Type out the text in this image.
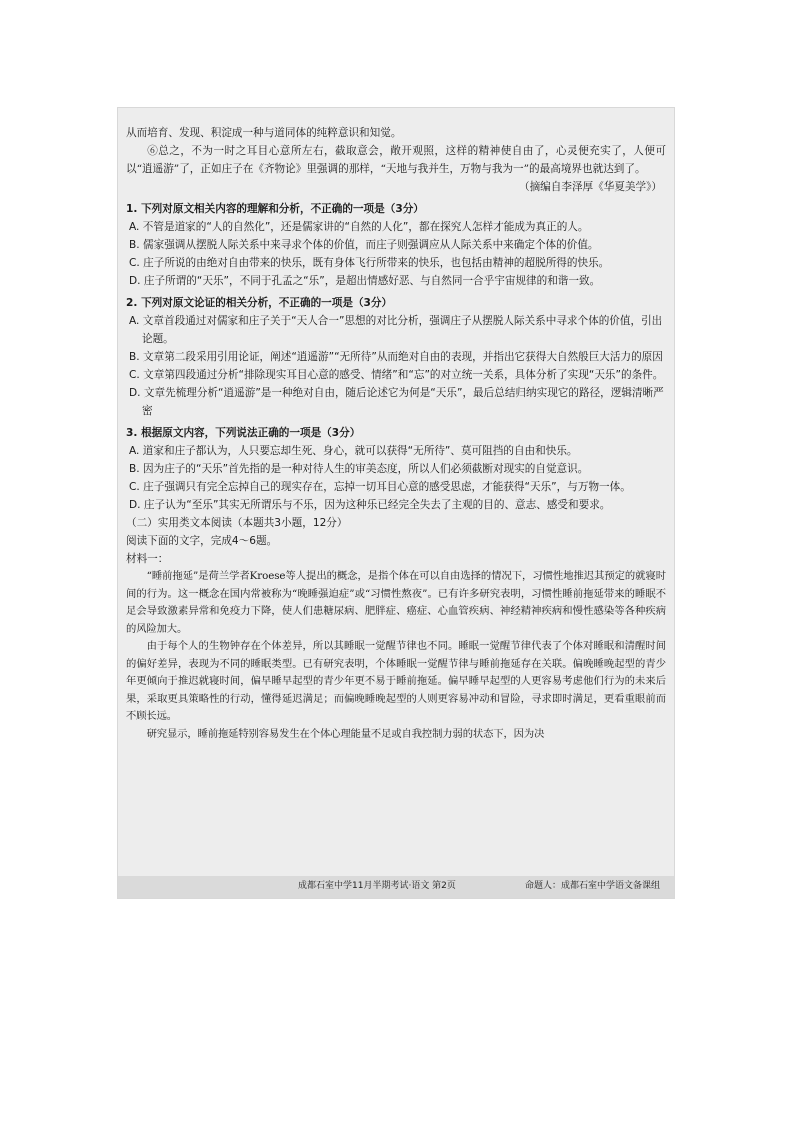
从而培育、发现、积淀成一种与道同体的纯粹意识和知觉。

⑥总之，不为一时之耳目心意所左右，截取意会，敞开观照，这样的精神使自由了，心灵便充实了，人便可以“逍遥游”了，正如庄子在《齐物论》里强调的那样，“天地与我并生，万物与我为一”的最高境界也就达到了。

（摘编自李泽厚《华夏美学》）

1. 下列对原文相关内容的理解和分析，不正确的一项是（3分）

A. 不管是道家的“人的自然化”，还是儒家讲的“自然的人化”，都在探究人怎样才能成为真正的人。

B. 儒家强调从摆脱人际关系中来寻求个体的价值，而庄子则强调应从人际关系中来确定个体的价值。

C. 庄子所说的由绝对自由带来的快乐，既有身体飞行所带来的快乐，也包括由精神的超脱所得的快乐。

D. 庄子所谓的“天乐”，不同于孔孟之“乐”，是超出情感好恶、与自然同一合乎宇宙规律的和谐一致。

2. 下列对原文论证的相关分析，不正确的一项是（3分）

A. 文章首段通过对儒家和庄子关于“天人合一”思想的对比分析，强调庄子从摆脱人际关系中寻求个体的价值，引出论题。

B. 文章第二段采用引用论证，阐述“逍遥游”“无所待”从而绝对自由的表现，并指出它获得大自然般巨大活力的原因

C. 文章第四段通过分析“排除现实耳目心意的感受、情绪”和“忘”的对立统一关系，具体分析了实现“天乐”的条件。

D. 文章先梳理分析“逍遥游”是一种绝对自由，随后论述它为何是“天乐”，最后总结归纳实现它的路径，逻辑清晰严密

3. 根据原文内容，下列说法正确的一项是（3分）

A. 道家和庄子都认为，人只要忘却生死、身心，就可以获得“无所待”、莫可阻挡的自由和快乐。

B. 因为庄子的“天乐”首先指的是一种对待人生的审美态度，所以人们必须截断对现实的自觉意识。

C. 庄子强调只有完全忘掉自己的现实存在，忘掉一切耳目心意的感受思虑，才能获得“天乐”，与万物一体。

D. 庄子认为“至乐”其实无所谓乐与不乐，因为这种乐已经完全失去了主观的目的、意志、感受和要求。

（二）实用类文本阅读（本题共3小题，12分）

阅读下面的文字，完成4～6题。

材料一：

“睡前拖延”是荷兰学者Kroese等人提出的概念，是指个体在可以自由选择的情况下，习惯性地推迟其预定的就寝时间的行为。这一概念在国内常被称为“晚睡强迫症”或“习惯性熬夜”。已有许多研究表明，习惯性睡前拖延带来的睡眠不足会导致激素异常和免疫力下降，使人们患糖尿病、肥胖症、癌症、心血管疾病、神经精神疾病和慢性感染等各种疾病的风险加大。

由于每个人的生物钟存在个体差异，所以其睡眠一觉醒节律也不同。睡眠一觉醒节律代表了个体对睡眠和清醒时间的偏好差异，表现为不同的睡眠类型。已有研究表明，个体睡眠一觉醒节律与睡前拖延存在关联。偏晚睡晚起型的青少年更倾向于推迟就寝时间，偏早睡早起型的青少年更不易于睡前拖延。偏早睡早起型的人更容易考虑他们行为的未来后果，采取更具策略性的行动，懂得延迟满足；而偏晚睡晚起型的人则更容易冲动和冒险，寻求即时满足，更看重眼前而不顾长远。

研究显示，睡前拖延特别容易发生在个体心理能量不足或自我控制力弱的状态下，因为决

成都石室中学11月半期考试·语文 第2页	命题人：成都石室中学语文备课组
